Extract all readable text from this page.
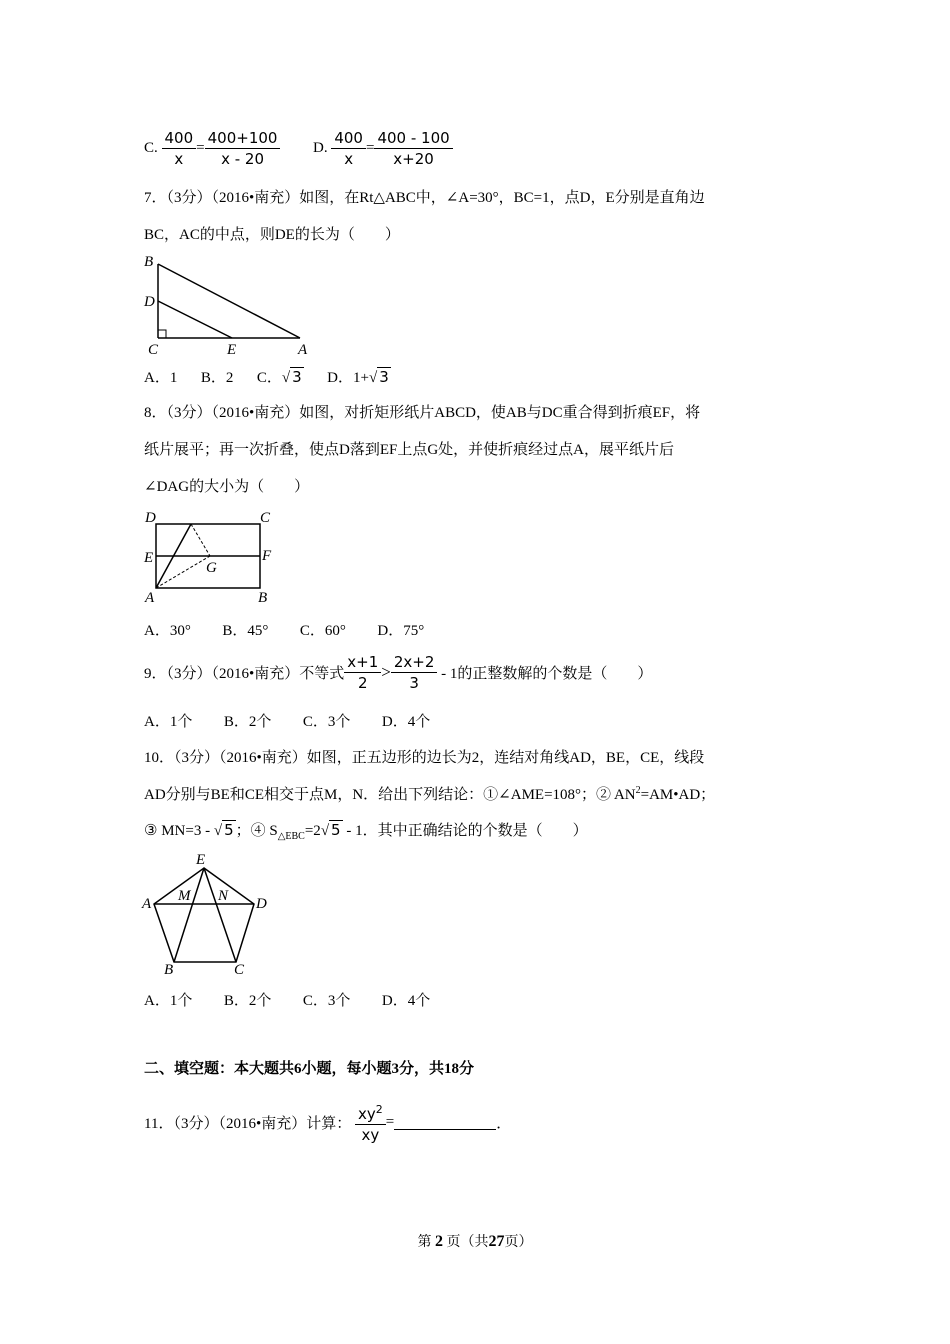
C. $\frac{400}{x} = \frac{400+100}{x - 20} D$. $\frac{400}{x} = \frac{400 - 100}{x+20}$
7．（3分）（2016•南充）如图，在Rt△ABC中，∠A=30°，BC=1，点D，E分别是直角边
BC，AC的中点，则DE的长为（　　）
B
D
C	E	A
A．1 B．2 C．√ 3 D．1+√ 3
8．（3分）（2016•南充）如图，对折矩形纸片ABCD，使AB与DC重合得到折痕EF，将
纸片展平；再一次折叠，使点D落到EF上点G处，并使折痕经过点A，展平纸片后
∠DAG的大小为（　　）
D	C
E	F
G
A	B
A．30° B．45° C．60° D．75°
9．（3分）（2016•南充）不等式 $\frac{x+1}{2} > \frac{2x+2}{3} - 1$的正整数解的个数是（　　）
A．1个 B．2个 C．3个 D．4个
10．（3分）（2016•南充）如图，正五边形的边长为2，连结对角线AD，BE，CE，线段
AD分别与BE和CE相交于点M，N．给出下列结论：①∠AME=108°；② $AN^2=AM•AD$；
③ MN=3 - √ 5 ；④ $S_{\triangle EBC}=2√$ 5 - 1．其中正确结论的个数是（　　）
E
A M N D
B	C
A．1个 B．2个 C．3个 D．4个
二、填空题：本大题共6小题，每小题3分，共18分
11．（3分）（2016•南充）计算： $\frac{xy^2}{xy}$ =	．
第 2 页（共27页）
